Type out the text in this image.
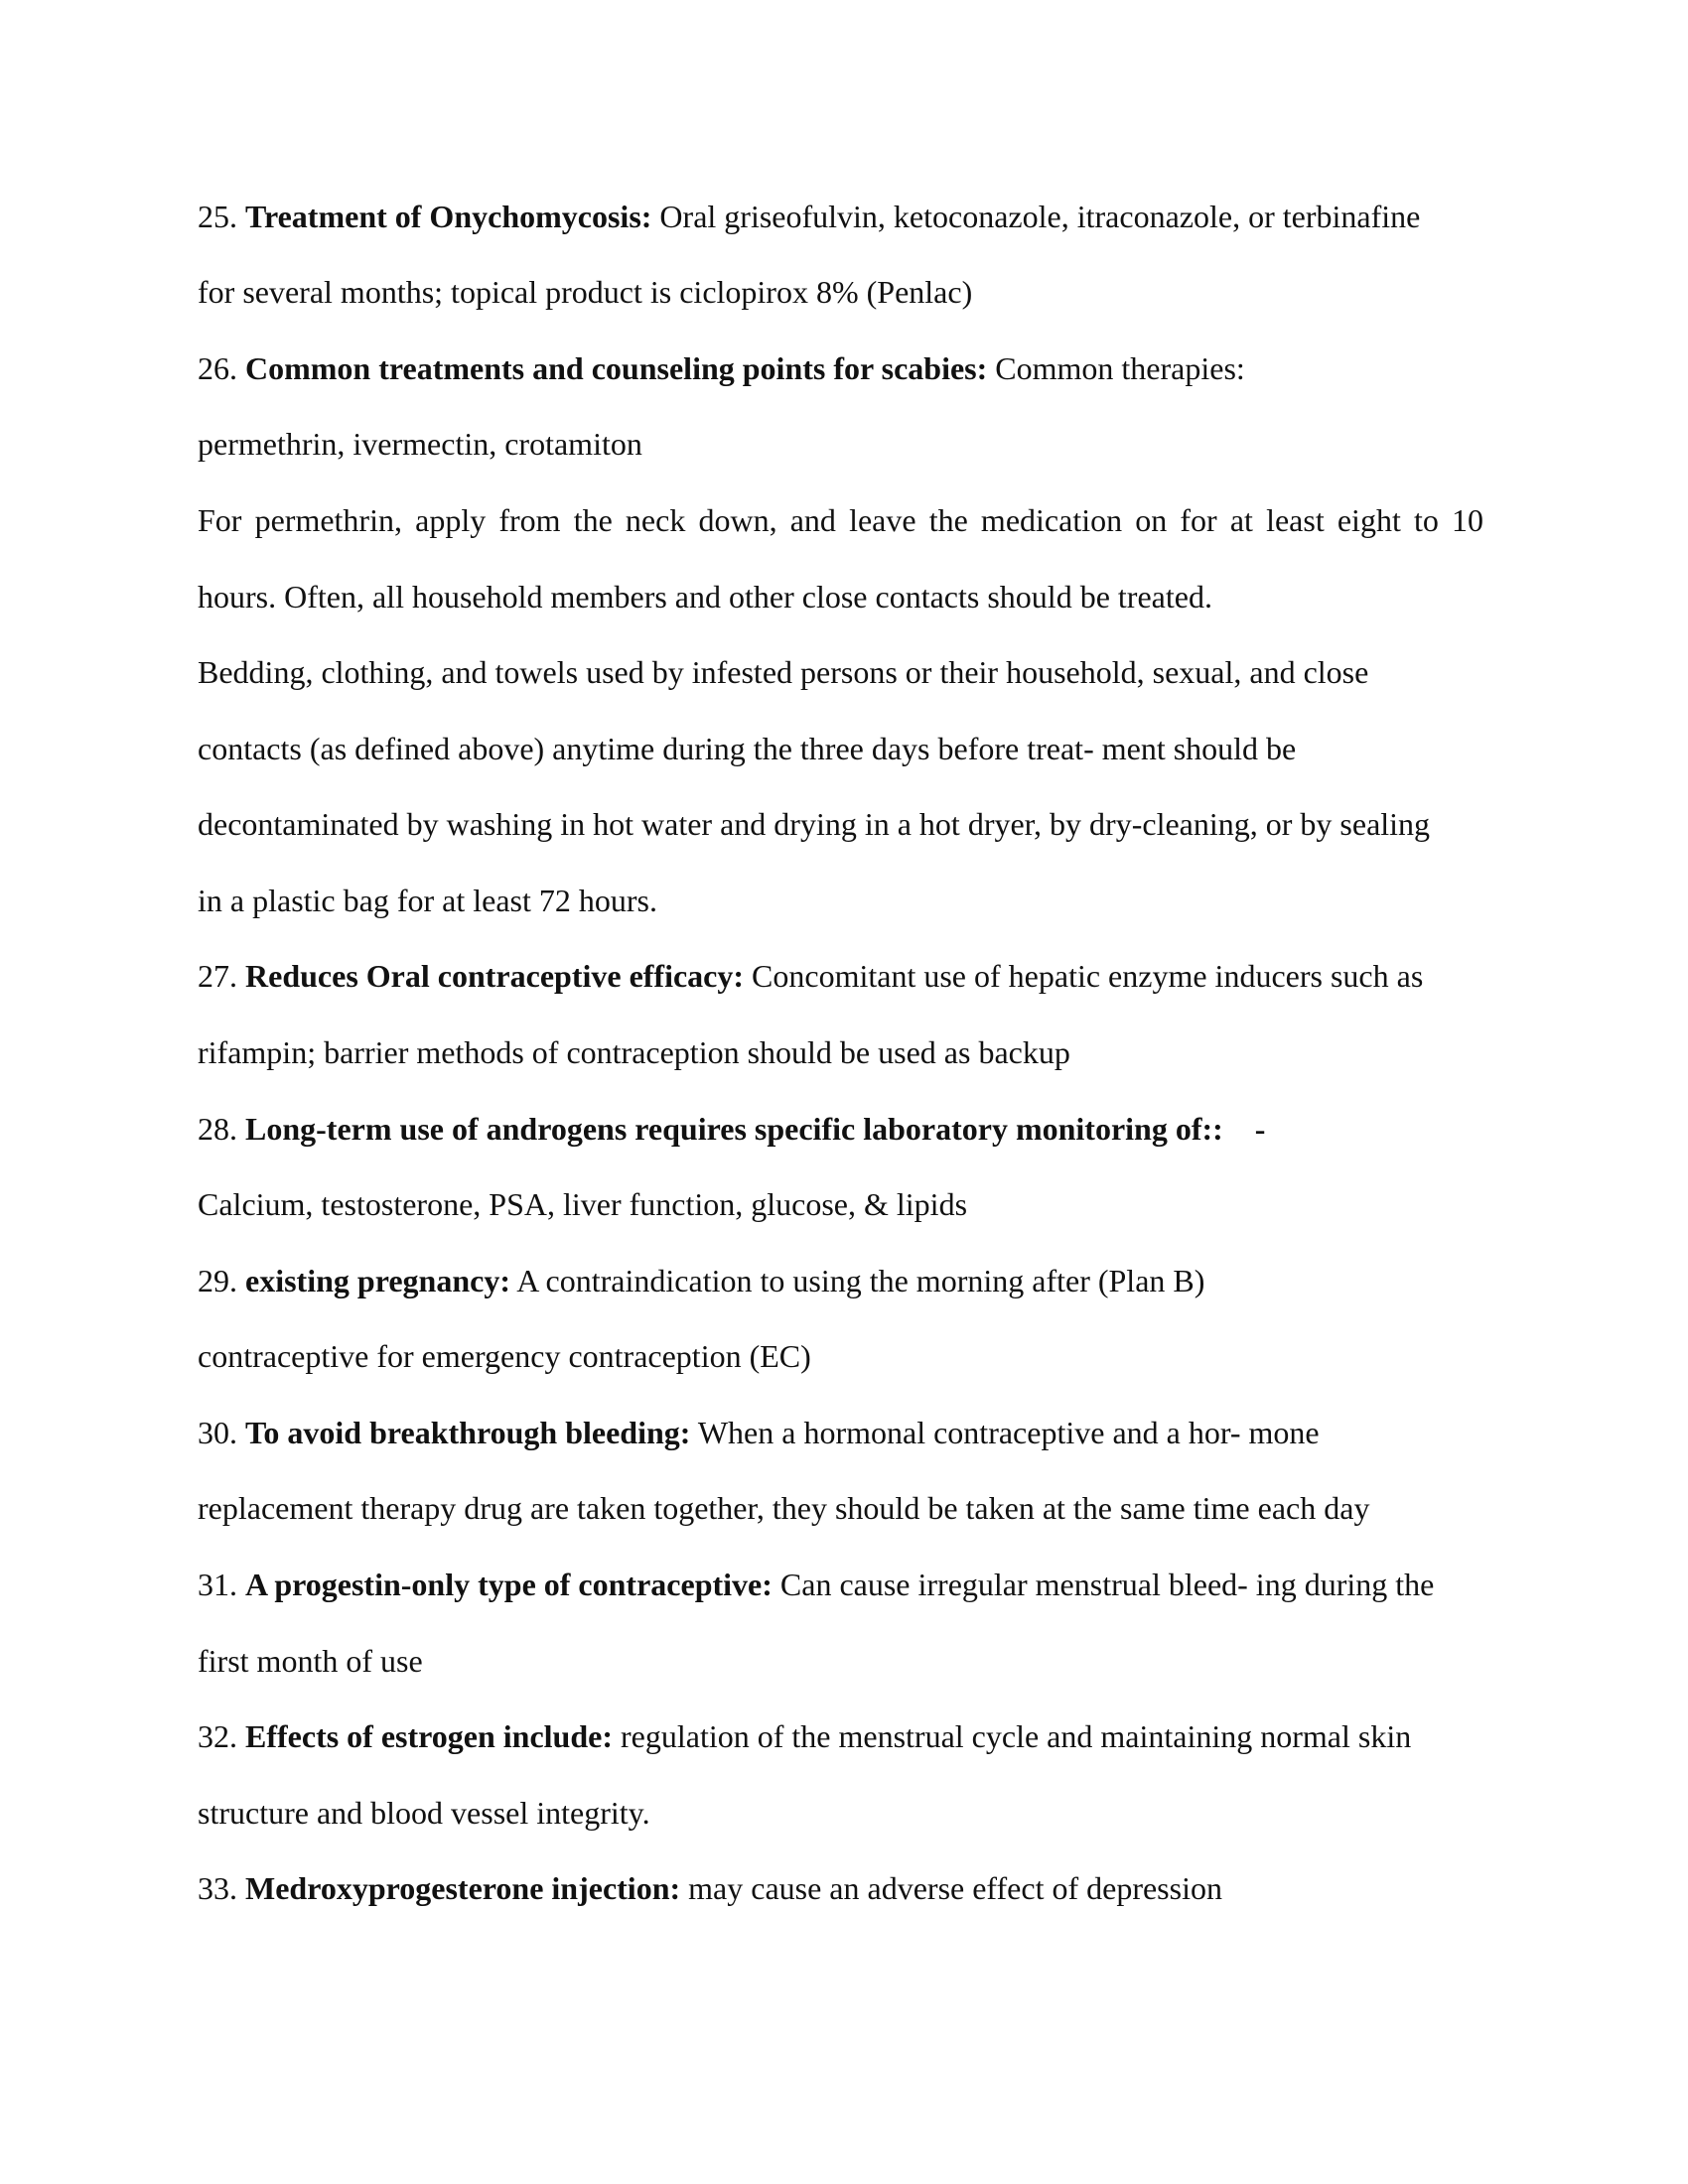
25. Treatment of Onychomycosis: Oral griseofulvin, ketoconazole, itraconazole, or terbinafine
for several months; topical product is ciclopirox 8% (Penlac)
26. Common treatments and counseling points for scabies: Common therapies:
permethrin, ivermectin, crotamiton
For permethrin, apply from the neck down, and leave the medication on for at least eight to 10
hours. Often, all household members and other close contacts should be treated.
Bedding, clothing, and towels used by infested persons or their household, sexual, and close
contacts (as defined above) anytime during the three days before treat- ment should be
decontaminated by washing in hot water and drying in a hot dryer, by dry-cleaning, or by sealing
in a plastic bag for at least 72 hours.
27. Reduces Oral contraceptive efficacy: Concomitant use of hepatic enzyme inducers such as
rifampin; barrier methods of contraception should be used as backup
28. Long-term use of androgens requires specific laboratory monitoring of::    -
Calcium, testosterone, PSA, liver function, glucose, & lipids
29. existing pregnancy: A contraindication to using the morning after (Plan B)
contraceptive for emergency contraception (EC)
30. To avoid breakthrough bleeding: When a hormonal contraceptive and a hor- mone
replacement therapy drug are taken together, they should be taken at the same time each day
31. A progestin-only type of contraceptive: Can cause irregular menstrual bleed- ing during the
first month of use
32. Effects of estrogen include: regulation of the menstrual cycle and maintaining normal skin
structure and blood vessel integrity.
33. Medroxyprogesterone injection: may cause an adverse effect of depression
